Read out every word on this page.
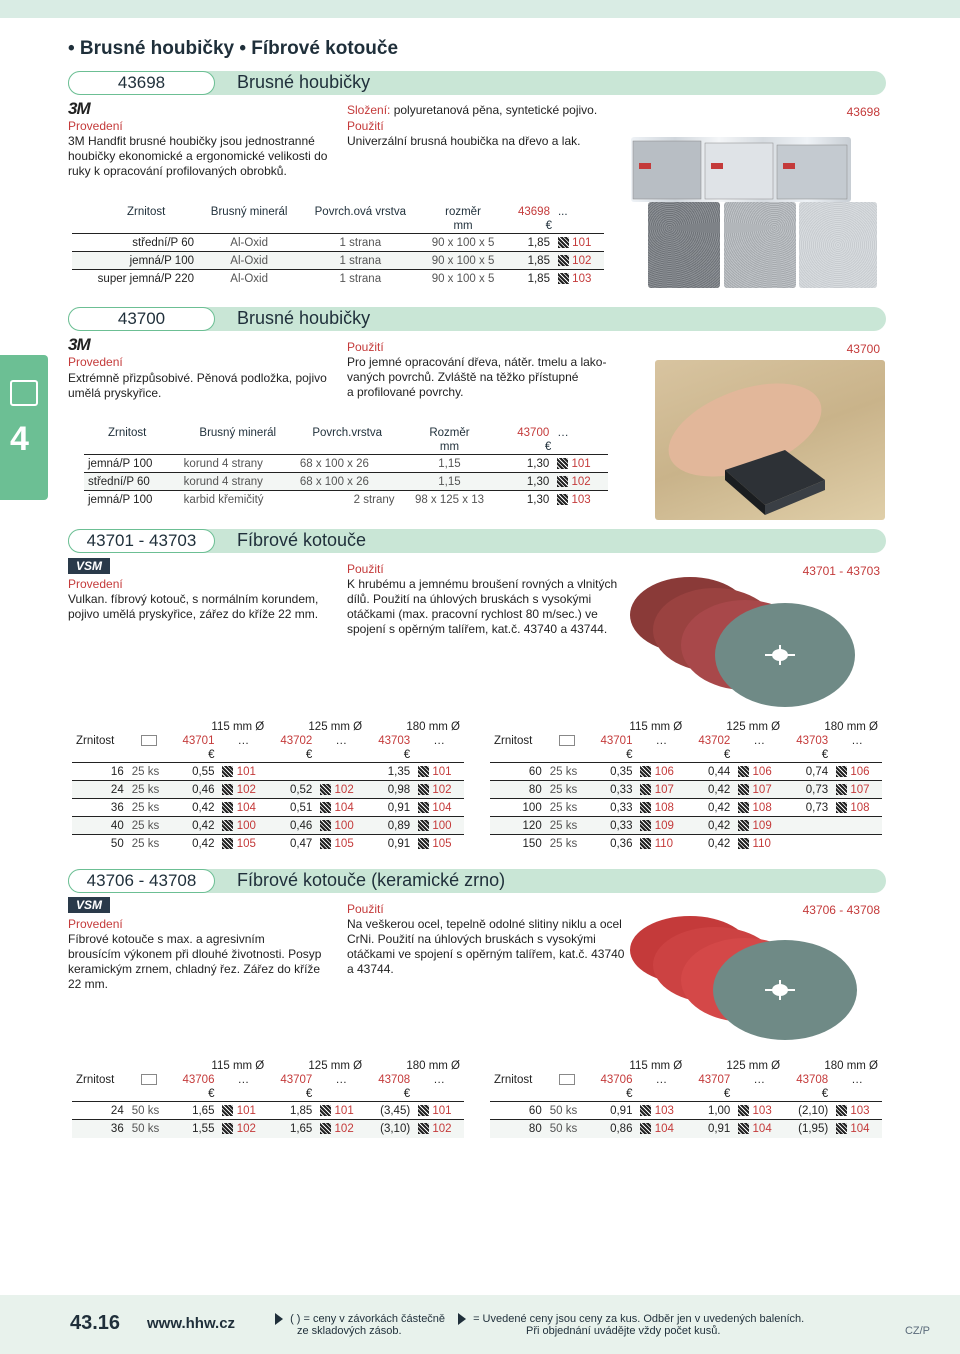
4
• Brusné houbičky • Fíbrové kotouče
43698	Brusné houbičky
3M
Provedení
3M Handfit brusné houbičky jsou jednostranné
houbičky ekonomické a ergonomické velikosti do
ruky k opracování profilovaných obrobků.
Složení: polyuretanová pěna, syntetické pojivo.
Použití
Univerzální brusná houbička na dřevo a lak.
43698
Zrnitost	Brusný minerál	Povrch.ová vrstva	rozměr	43698	...
			mm	€	
střední/P 60	Al-Oxid	1 strana	90 x 100 x 5	1,85	101
jemná/P 100	Al-Oxid	1 strana	90 x 100 x 5	1,85	102
super jemná/P 220	Al-Oxid	1 strana	90 x 100 x 5	1,85	103
43700	Brusné houbičky
3M
Provedení
Extrémně přizpůsobivé. Pěnová podložka, pojivo
umělá pryskyřice.
Použití
Pro jemné opracování dřeva, nátěr. tmelu a lako-
vaných povrchů. Zvláště na těžko přístupné
a profilované povrchy.
43700
Zrnitost	Brusný minerál	Povrch.vrstva	Rozměr	43700	…
			mm	€	
jemná/P 100	korund 4 strany	68 x 100 x 26	1,15	1,30	101
střední/P 60	korund 4 strany	68 x 100 x 26	1,15	1,30	102
jemná/P 100	karbid křemičitý	2 strany	98 x 125 x 13	1,30	103
43701 - 43703	Fíbrové kotouče
VSM
Provedení
Vulkan. fíbrový kotouč, s normálním korundem,
pojivo umělá pryskyřice, zářez do kříže 22 mm.
Použití
K hrubému a jemnému broušení rovných a vlnitých
dílů. Použití na úhlových bruskách s vysokými
otáčkami (max. pracovní rychlost 80 m/sec.) ve
spojení s opěrným talířem, kat.č. 43740 a 43744.
43701 - 43703
		115 mm Ø		125 mm Ø		180 mm Ø	
Zrnitost		43701	…	43702	…	43703	…
		€		€		€	
16	25 ks	0,55	101			1,35	101
24	25 ks	0,46	102	0,52	102	0,98	102
36	25 ks	0,42	104	0,51	104	0,91	104
40	25 ks	0,42	100	0,46	100	0,89	100
50	25 ks	0,42	105	0,47	105	0,91	105
		115 mm Ø		125 mm Ø		180 mm Ø	
Zrnitost		43701	…	43702	…	43703	…
		€		€		€	
60	25 ks	0,35	106	0,44	106	0,74	106
80	25 ks	0,33	107	0,42	107	0,73	107
100	25 ks	0,33	108	0,42	108	0,73	108
120	25 ks	0,33	109	0,42	109		
150	25 ks	0,36	110	0,42	110		
43706 - 43708	Fíbrové kotouče (keramické zrno)
VSM
Provedení
Fíbrové kotouče s max. a agresivním
brousícím výkonem při dlouhé životnosti. Posyp
keramickým zrnem, chladný řez. Zářez do kříže
22 mm.
Použití
Na veškerou ocel, tepelně odolné slitiny niklu a ocel
CrNi. Použití na úhlových bruskách s vysokými
otáčkami ve spojení s opěrným talířem, kat.č. 43740
a 43744.
43706 - 43708
		115 mm Ø		125 mm Ø		180 mm Ø	
Zrnitost		43706	…	43707	…	43708	…
		€		€		€	
24	50 ks	1,65	101	1,85	101	(3,45)	101
36	50 ks	1,55	102	1,65	102	(3,10)	102
		115 mm Ø		125 mm Ø		180 mm Ø	
Zrnitost		43706	…	43707	…	43708	…
		€		€		€	
60	50 ks	0,91	103	1,00	103	(2,10)	103
80	50 ks	0,86	104	0,91	104	(1,95)	104
43.16 www.hhw.cz	( ) = ceny v závorkách částečně
ze skladových zásob.
= Uvedené ceny jsou ceny za kus. Odběr jen v uvedených baleních.
Při objednání uvádějte vždy počet kusů.	CZ/P
